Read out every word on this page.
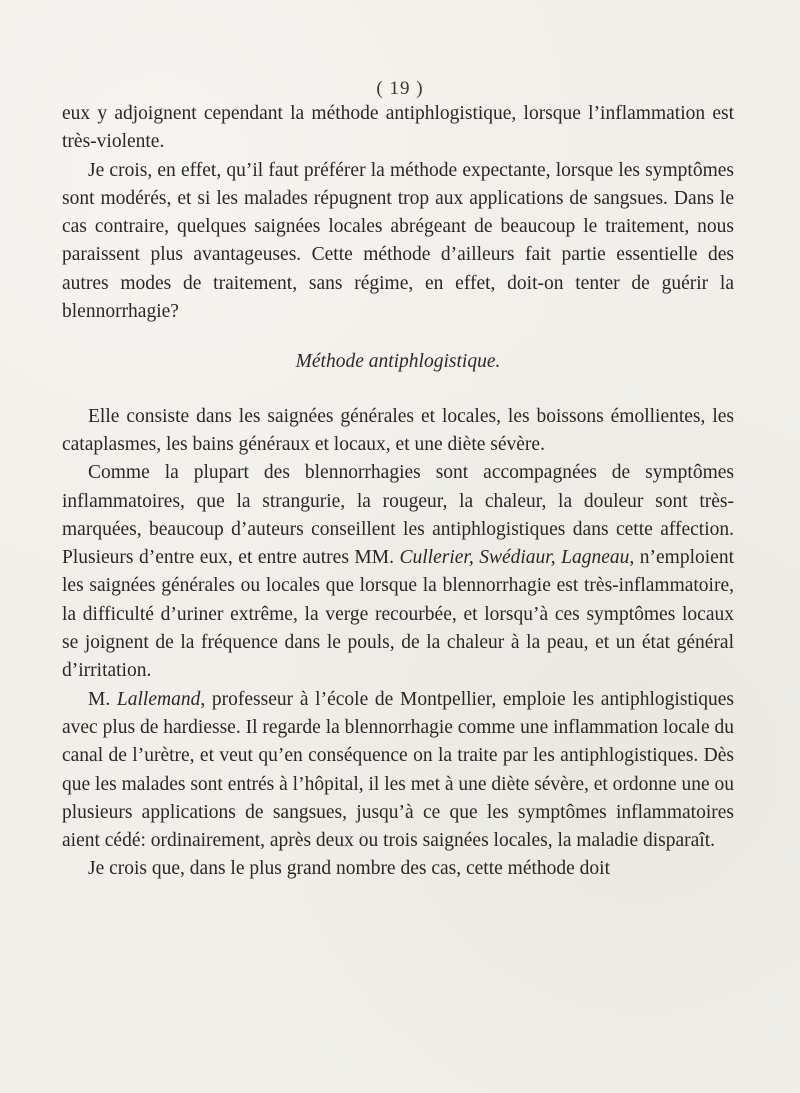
( 19 )

eux y adjoignent cependant la méthode antiphlogistique, lorsque l’inflammation est très-violente.

Je crois, en effet, qu’il faut préférer la méthode expectante, lorsque les symptômes sont modérés, et si les malades répugnent trop aux applications de sangsues. Dans le cas contraire, quelques saignées locales abrégeant de beaucoup le traitement, nous paraissent plus avantageuses. Cette méthode d’ailleurs fait partie essentielle des autres modes de traitement, sans régime, en effet, doit-on tenter de guérir la blennorrhagie?

Méthode antiphlogistique.

Elle consiste dans les saignées générales et locales, les boissons émollientes, les cataplasmes, les bains généraux et locaux, et une diète sévère.

Comme la plupart des blennorrhagies sont accompagnées de symptômes inflammatoires, que la strangurie, la rougeur, la chaleur, la douleur sont très-marquées, beaucoup d’auteurs conseillent les antiphlogistiques dans cette affection. Plusieurs d’entre eux, et entre autres MM. Cullerier, Swédiaur, Lagneau, n’emploient les saignées générales ou locales que lorsque la blennorrhagie est très-inflammatoire, la difficulté d’uriner extrême, la verge recourbée, et lorsqu’à ces symptômes locaux se joignent de la fréquence dans le pouls, de la chaleur à la peau, et un état général d’irritation.

M. Lallemand, professeur à l’école de Montpellier, emploie les antiphlogistiques avec plus de hardiesse. Il regarde la blennorrhagie comme une inflammation locale du canal de l’urètre, et veut qu’en conséquence on la traite par les antiphlogistiques. Dès que les malades sont entrés à l’hôpital, il les met à une diète sévère, et ordonne une ou plusieurs applications de sangsues, jusqu’à ce que les symptômes inflammatoires aient cédé: ordinairement, après deux ou trois saignées locales, la maladie disparaît.

Je crois que, dans le plus grand nombre des cas, cette méthode doit
